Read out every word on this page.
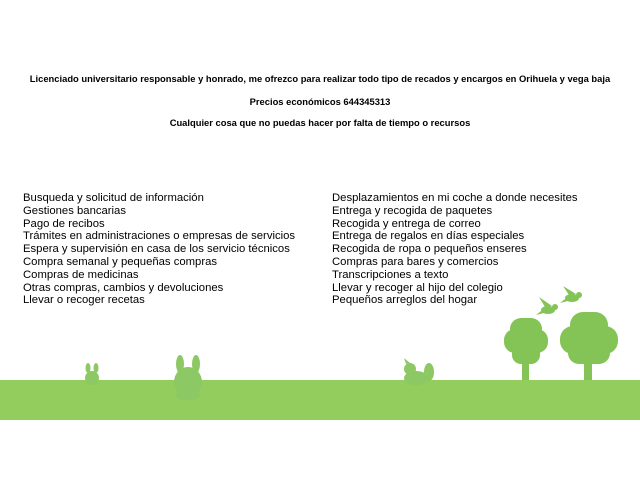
Licenciado universitario responsable y honrado, me ofrezco para realizar todo tipo de recados y encargos en Orihuela y vega baja
Precios económicos 644345313
Cualquier cosa que no puedas hacer por falta de tiempo o recursos
Busqueda y solicitud de información
Gestiones bancarias
Pago de recibos
Trámites en administraciones o empresas de servicios
Espera y supervisión en casa de los servicio técnicos
Compra semanal y pequeñas compras
Compras de medicinas
Otras compras, cambios y devoluciones
Llevar o recoger recetas
Desplazamientos en mi coche a donde necesites
Entrega y recogida de paquetes
Recogida y entrega de correo
Entrega de regalos en días especiales
Recogida de ropa o pequeños enseres
Compras para bares y comercios
Transcripciones a texto
Llevar y recoger al hijo del colegio
Pequeños arreglos del hogar
